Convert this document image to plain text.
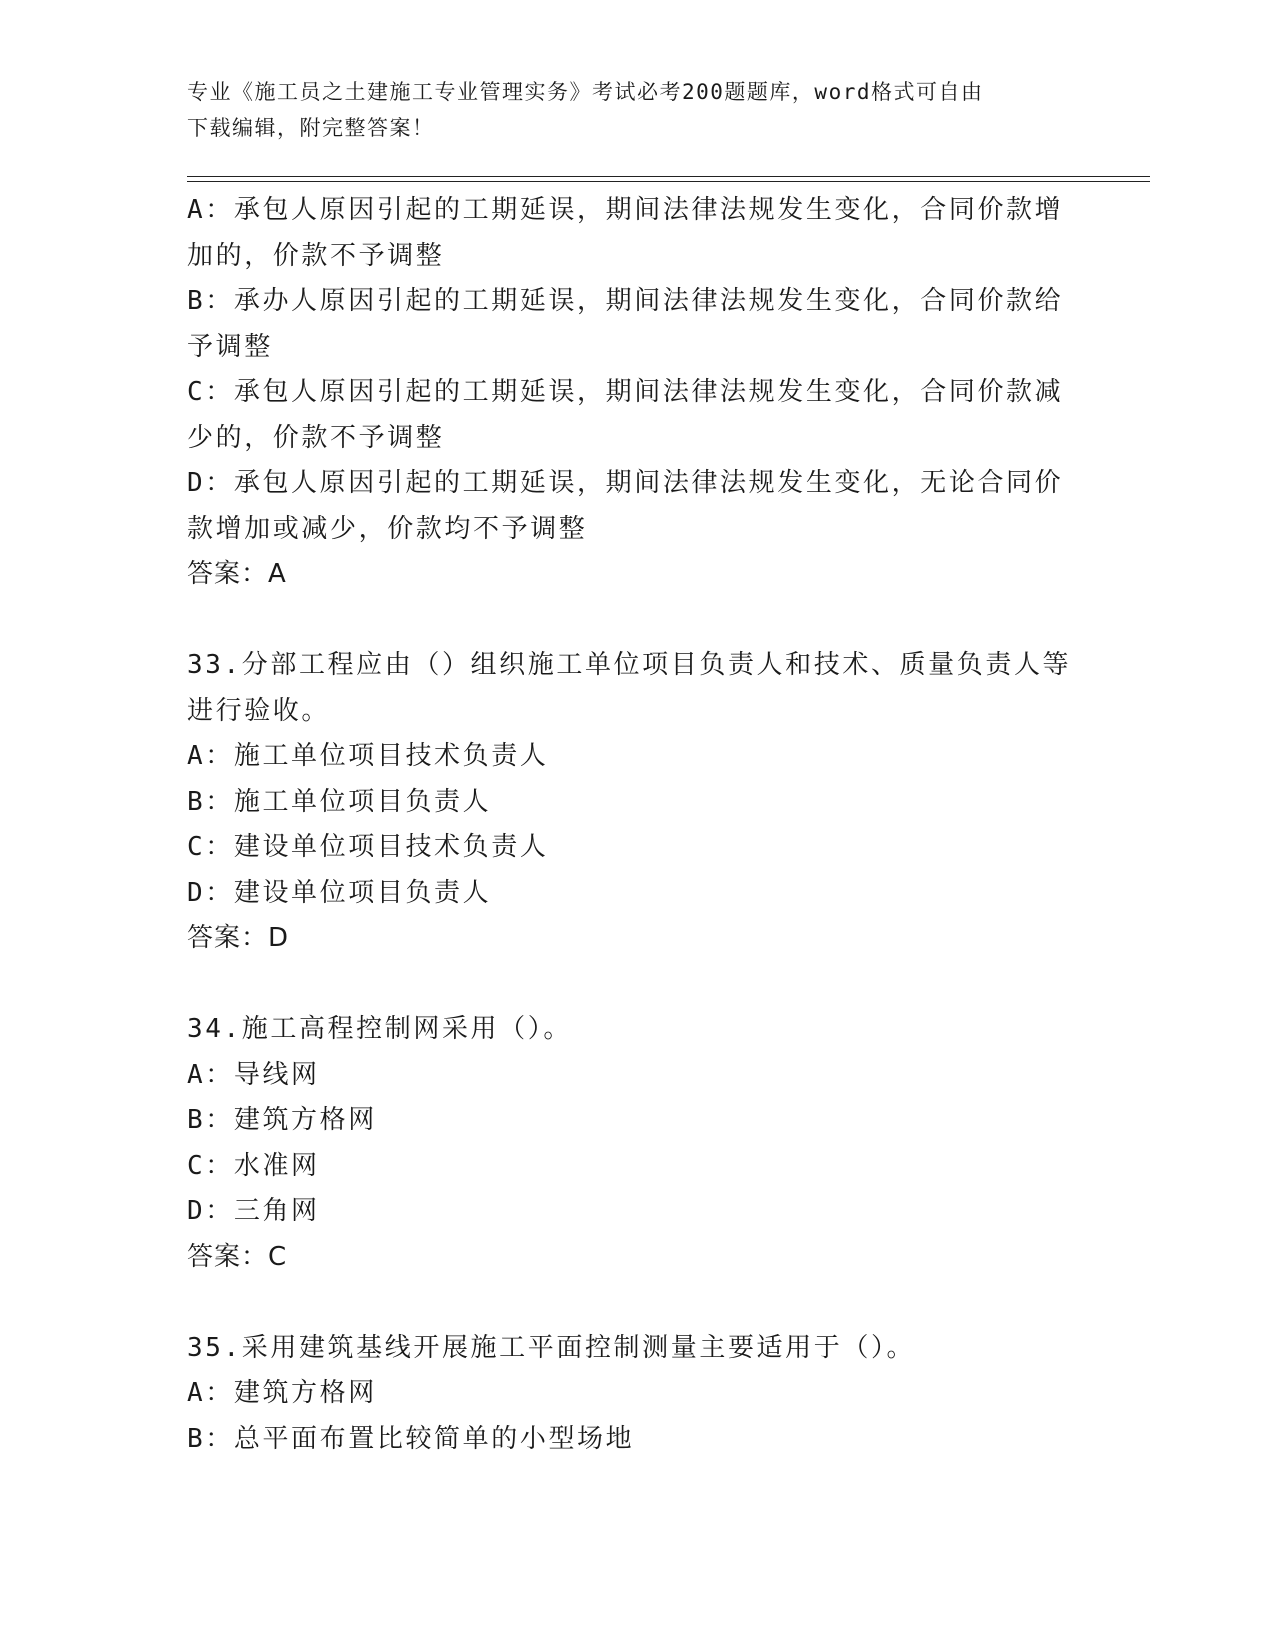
专业《施工员之土建施工专业管理实务》考试必考200题题库，word格式可自由
下载编辑，附完整答案！
A：承包人原因引起的工期延误，期间法律法规发生变化，合同价款增
加的，价款不予调整
B：承办人原因引起的工期延误，期间法律法规发生变化，合同价款给
予调整
C：承包人原因引起的工期延误，期间法律法规发生变化，合同价款减
少的，价款不予调整
D：承包人原因引起的工期延误，期间法律法规发生变化，无论合同价
款增加或减少，价款均不予调整
答案：A
33.分部工程应由（）组织施工单位项目负责人和技术、质量负责人等
进行验收。
A：施工单位项目技术负责人
B：施工单位项目负责人
C：建设单位项目技术负责人
D：建设单位项目负责人
答案：D
34.施工高程控制网采用（）。
A：导线网
B：建筑方格网
C：水准网
D：三角网
答案：C
35.采用建筑基线开展施工平面控制测量主要适用于（）。
A：建筑方格网
B：总平面布置比较简单的小型场地
